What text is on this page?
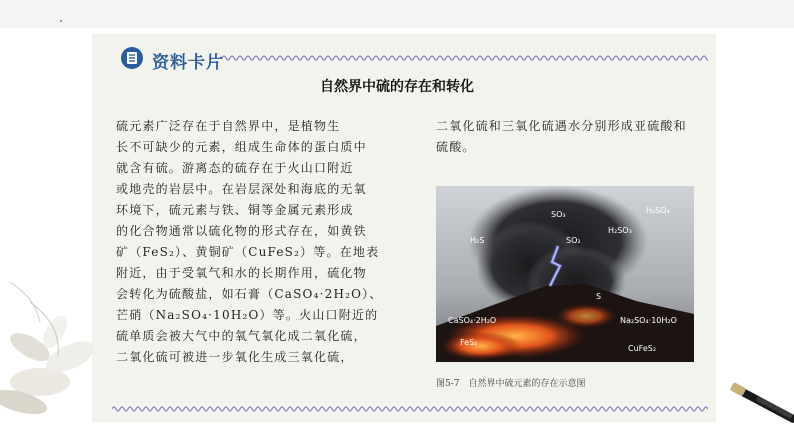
资料卡片
自然界中硫的存在和转化
硫元素广泛存在于自然界中，是植物生
长不可缺少的元素，组成生命体的蛋白质中
就含有硫。游离态的硫存在于火山口附近
或地壳的岩层中。在岩层深处和海底的无氧
环境下，硫元素与铁、铜等金属元素形成
的化合物通常以硫化物的形式存在，如黄铁
矿（FeS₂）、黄铜矿（CuFeS₂）等。在地表
附近，由于受氧气和水的长期作用，硫化物
会转化为硫酸盐，如石膏（CaSO₄·2H₂O）、
芒硝（Na₂SO₄·10H₂O）等。火山口附近的
硫单质会被大气中的氧气氧化成二氧化硫，
二氧化硫可被进一步氧化生成三氧化硫，
二氧化硫和三氧化硫遇水分别形成亚硫酸和
硫酸。
SO₃	H₂SO₄
H₂S	SO₂
H₂SO₃
S
CaSO₄·2H₂O	Na₂SO₄·10H₂O
FeS₂
CuFeS₂
图5-7　自然界中硫元素的存在示意图
